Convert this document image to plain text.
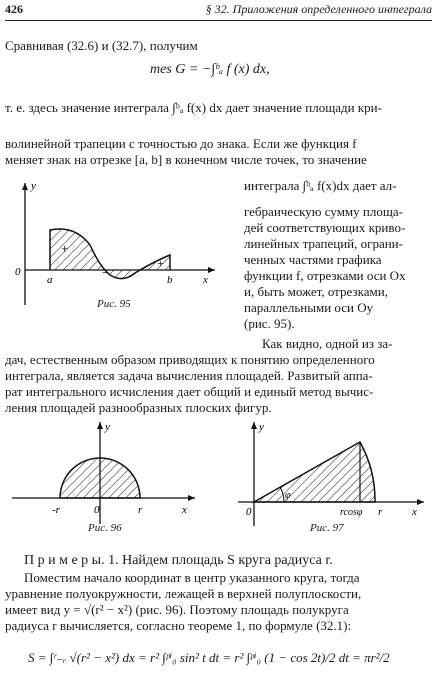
426	§ 32. Приложения определенного интеграла
Сравнивая (32.6) и (32.7), получим
mes G = −∫ᵇₐ f (x) dx,
т. е. здесь значение интеграла ∫ᵇₐ f(x) dx дает значение площади кри-
волинейной трапеции с точностью до знака. Если же функция f
меняет знак на отрезке [a, b] в конечном числе точек, то значение
y
0
a	b	x
+
−
+
Рис. 95
интеграла ∫ᵇₐ f(x)dx дает ал-
гебраическую сумму площа-
дей соответствующих криво-
линейных трапеций, ограни-
ченных частями графика
функции f, отрезками оси Ox
и, быть может, отрезками,
параллельными оси Oy
(рис. 95).
Как видно, одной из за-
дач, естественным образом приводящих к понятию определенного
интеграла, является задача вычисления площадей. Развитый аппа-
рат интегрального исчисления дает общий и единый метод вычис-
ления площадей разнообразных плоских фигур.
y
-r	0	r	x
Рис. 96
y
0
φ
rcosφ r	x
Рис. 97
П р и м е р ы. 1. Найдем площадь S круга радиуса r.
Поместим начало координат в центр указанного круга, тогда
уравнение полуокружности, лежащей в верхней полуплоскости,
имеет вид y = √(r² − x²) (рис. 96). Поэтому площадь полукруга
радиуса r вычисляется, согласно теореме 1, по формуле (32.1):
S = ∫ʳ₋ᵣ √(r² − x²) dx = r² ∫ᵖⁱ₀ sin² t dt = r² ∫ᵖⁱ₀ (1 − cos 2t)/2 dt = πr²/2
